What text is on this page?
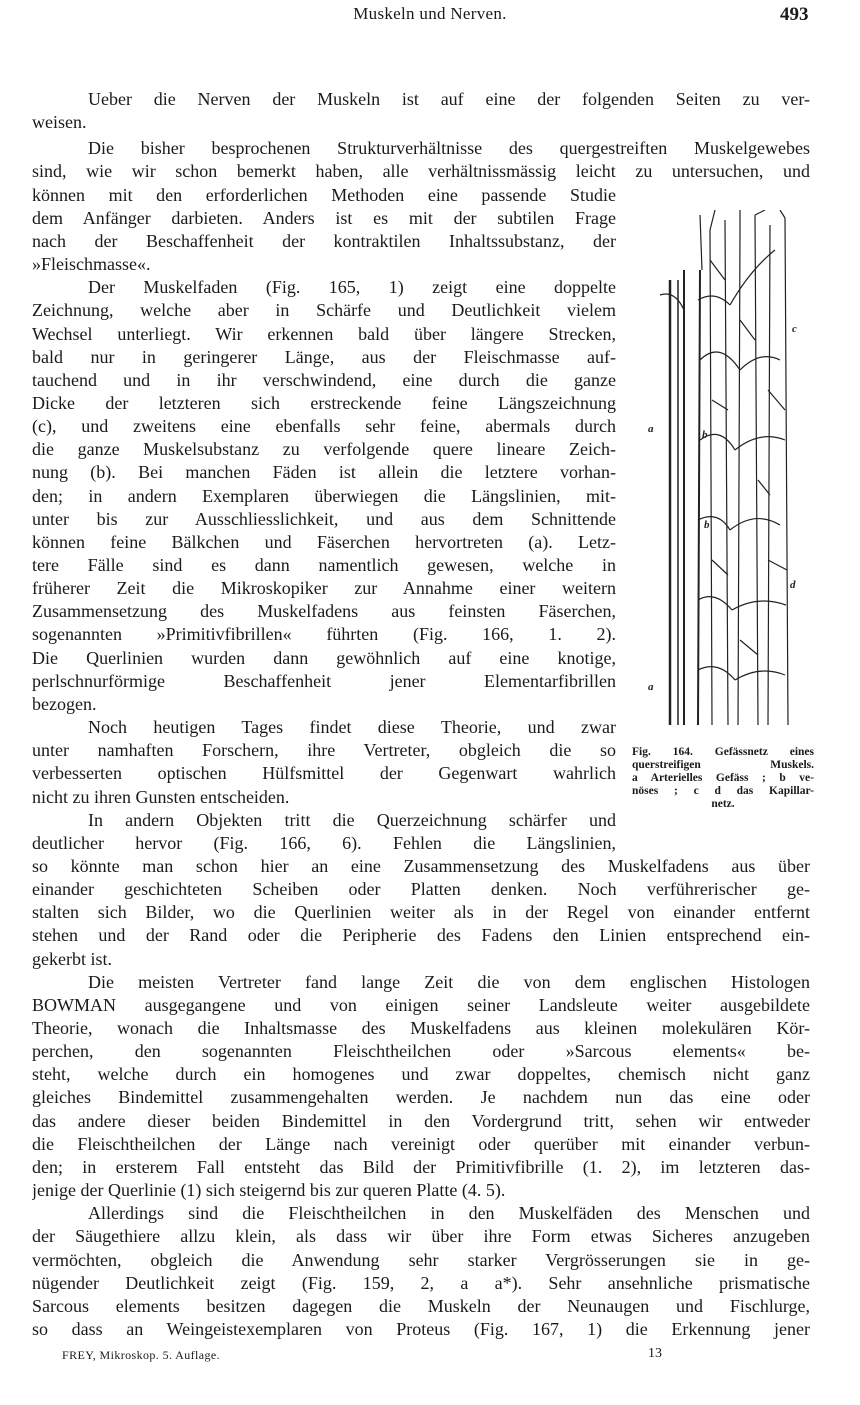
Muskeln und Nerven.	493
Ueber die Nerven der Muskeln ist auf eine der folgenden Seiten zu ver-
weisen.
Die bisher besprochenen Strukturverhältnisse des quergestreiften Muskelgewebes
sind, wie wir schon bemerkt haben, alle verhältnissmässig leicht zu untersuchen, und
können mit den erforderlichen Methoden eine passende Studie
dem Anfänger darbieten. Anders ist es mit der subtilen Frage
nach der Beschaffenheit der kontraktilen Inhaltssubstanz, der
»Fleischmasse«.
Der Muskelfaden (Fig. 165, 1) zeigt eine doppelte
Zeichnung, welche aber in Schärfe und Deutlichkeit vielem
Wechsel unterliegt. Wir erkennen bald über längere Strecken,
bald nur in geringerer Länge, aus der Fleischmasse auf-
tauchend und in ihr verschwindend, eine durch die ganze
Dicke der letzteren sich erstreckende feine Längszeichnung
(c), und zweitens eine ebenfalls sehr feine, abermals durch
die ganze Muskelsubstanz zu verfolgende quere lineare Zeich-
nung (b). Bei manchen Fäden ist allein die letztere vorhan-
den; in andern Exemplaren überwiegen die Längslinien, mit-
unter bis zur Ausschliesslichkeit, und aus dem Schnittende
können feine Bälkchen und Fäserchen hervortreten (a). Letz-
tere Fälle sind es dann namentlich gewesen, welche in
früherer Zeit die Mikroskopiker zur Annahme einer weitern
Zusammensetzung des Muskelfadens aus feinsten Fäserchen,
sogenannten »Primitivfibrillen« führten (Fig. 166, 1. 2).
Die Querlinien wurden dann gewöhnlich auf eine knotige,
perlschnurförmige Beschaffenheit jener Elementarfibrillen
bezogen.
Noch heutigen Tages findet diese Theorie, und zwar
unter namhaften Forschern, ihre Vertreter, obgleich die so
verbesserten optischen Hülfsmittel der Gegenwart wahrlich
nicht zu ihren Gunsten entscheiden.
In andern Objekten tritt die Querzeichnung schärfer und
deutlicher hervor (Fig. 166, 6). Fehlen die Längslinien,
so könnte man schon hier an eine Zusammensetzung des Muskelfadens aus über
einander geschichteten Scheiben oder Platten denken. Noch verführerischer ge-
stalten sich Bilder, wo die Querlinien weiter als in der Regel von einander entfernt
stehen und der Rand oder die Peripherie des Fadens den Linien entsprechend ein-
gekerbt ist.
Die meisten Vertreter fand lange Zeit die von dem englischen Histologen
BOWMAN ausgegangene und von einigen seiner Landsleute weiter ausgebildete
Theorie, wonach die Inhaltsmasse des Muskelfadens aus kleinen molekulären Kör-
perchen, den sogenannten Fleischtheilchen oder »Sarcous elements« be-
steht, welche durch ein homogenes und zwar doppeltes, chemisch nicht ganz
gleiches Bindemittel zusammengehalten werden. Je nachdem nun das eine oder
das andere dieser beiden Bindemittel in den Vordergrund tritt, sehen wir entweder
die Fleischtheilchen der Länge nach vereinigt oder querüber mit einander verbun-
den; in ersterem Fall entsteht das Bild der Primitivfibrille (1. 2), im letzteren das-
jenige der Querlinie (1) sich steigernd bis zur queren Platte (4. 5).
Allerdings sind die Fleischtheilchen in den Muskelfäden des Menschen und
der Säugethiere allzu klein, als dass wir über ihre Form etwas Sicheres anzugeben
vermöchten, obgleich die Anwendung sehr starker Vergrösserungen sie in ge-
nügender Deutlichkeit zeigt (Fig. 159, 2, a a*). Sehr ansehnliche prismatische
Sarcous elements besitzen dagegen die Muskeln der Neunaugen und Fischlurge,
so dass an Weingeistexemplaren von Proteus (Fig. 167, 1) die Erkennung jener
a	b
c
b
d
a
Fig. 164. Gefässnetz eines
querstreifigen Muskels.
a Arterielles Gefäss ; b ve-
nöses ; c d das Kapillar-
netz.
FREY, Mikroskop. 5. Auflage.	13
